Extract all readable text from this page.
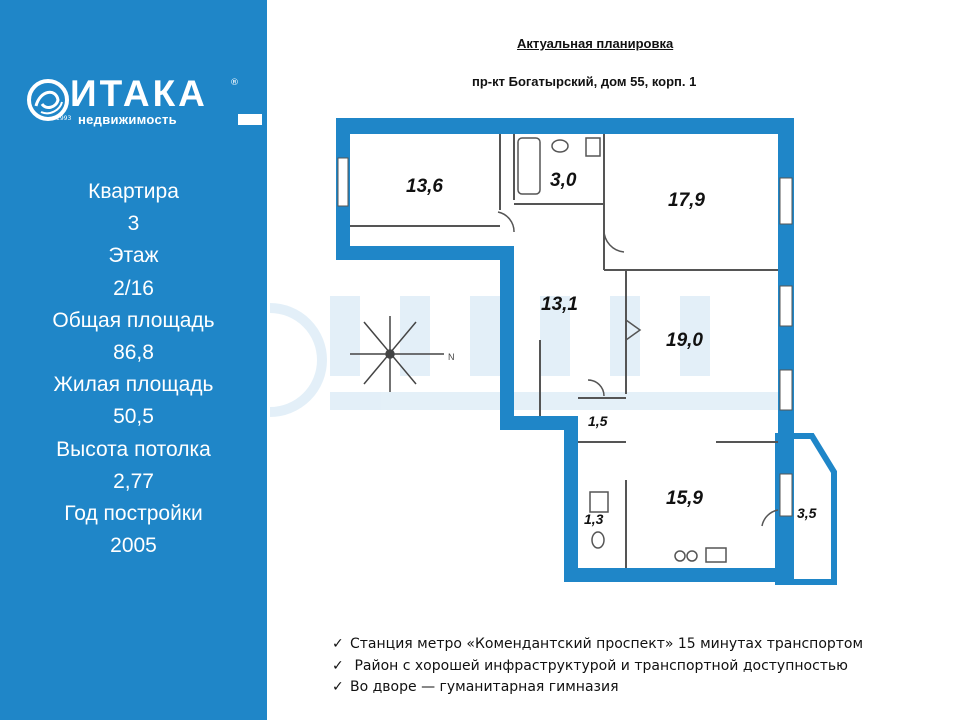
ИТАКА ®
1993 недвижимость
Квартира
3
Этаж
2/16
Общая площадь
86,8
Жилая площадь
50,5
Высота потолка
2,77
Год постройки
2005
Актуальная планировка
пр-кт Богатырский, дом 55, корп. 1
N
13,6	3,0
17,9
13,1
19,0
1,5
15,9
1,3	3,5
✓ Станция метро «Комендантский проспект» 15 минутах транспортом
✓ Район с хорошей инфраструктурой и транспортной доступностью
✓ Во дворе — гуманитарная гимназия
